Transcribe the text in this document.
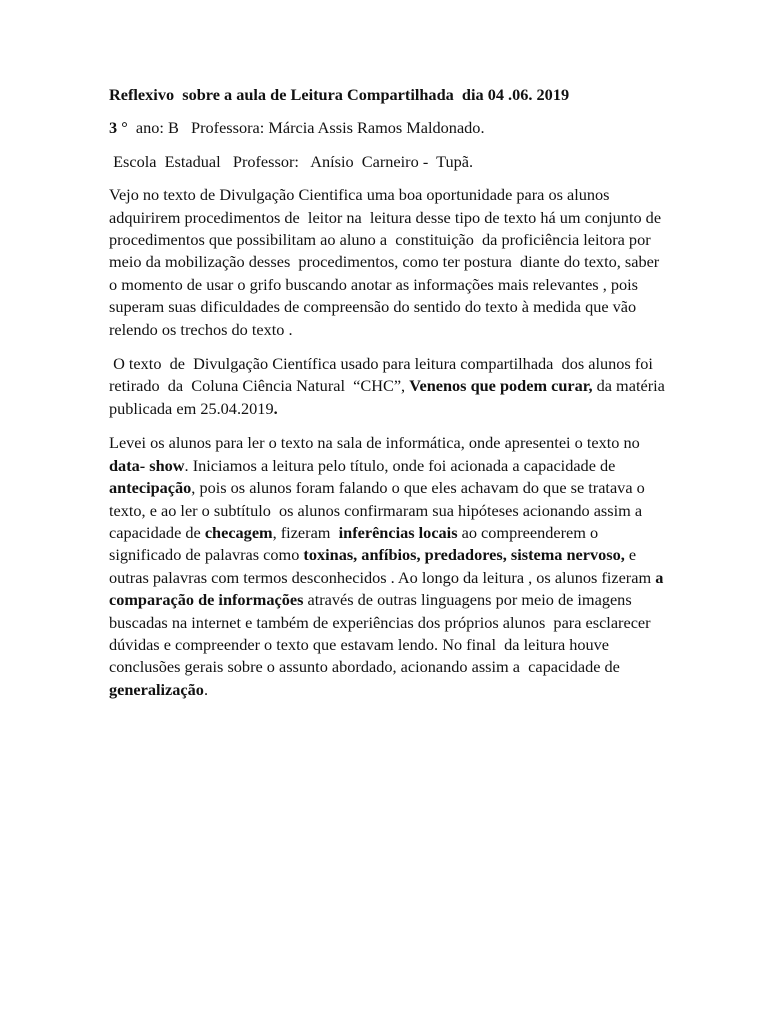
Reflexivo  sobre a aula de Leitura Compartilhada  dia 04 .06. 2019

3 °  ano: B   Professora: Márcia Assis Ramos Maldonado.

Escola  Estadual   Professor:   Anísio  Carneiro -  Tupã.

Vejo no texto de Divulgação Cientifica uma boa oportunidade para os alunos adquirirem procedimentos de  leitor na  leitura desse tipo de texto há um conjunto de procedimentos que possibilitam ao aluno a  constituição  da proficiência leitora por meio da mobilização desses  procedimentos, como ter postura  diante do texto, saber o momento de usar o grifo buscando anotar as informações mais relevantes , pois superam suas dificuldades de compreensão do sentido do texto à medida que vão relendo os trechos do texto .

O texto  de  Divulgação Científica usado para leitura compartilhada  dos alunos foi retirado  da  Coluna Ciência Natural  “CHC”, Venenos que podem curar, da matéria  publicada em 25.04.2019.

Levei os alunos para ler o texto na sala de informática, onde apresentei o texto no data- show. Iniciamos a leitura pelo título, onde foi acionada a capacidade de antecipação, pois os alunos foram falando o que eles achavam do que se tratava o texto, e ao ler o subtítulo  os alunos confirmaram sua hipóteses acionando assim a capacidade de checagem, fizeram  inferências locais ao compreenderem o significado de palavras como toxinas, anfíbios, predadores, sistema nervoso, e outras palavras com termos desconhecidos . Ao longo da leitura , os alunos fizeram a comparação de informações através de outras linguagens por meio de imagens buscadas na internet e também de experiências dos próprios alunos  para esclarecer dúvidas e compreender o texto que estavam lendo. No final  da leitura houve conclusões gerais sobre o assunto abordado, acionando assim a  capacidade de generalização.
